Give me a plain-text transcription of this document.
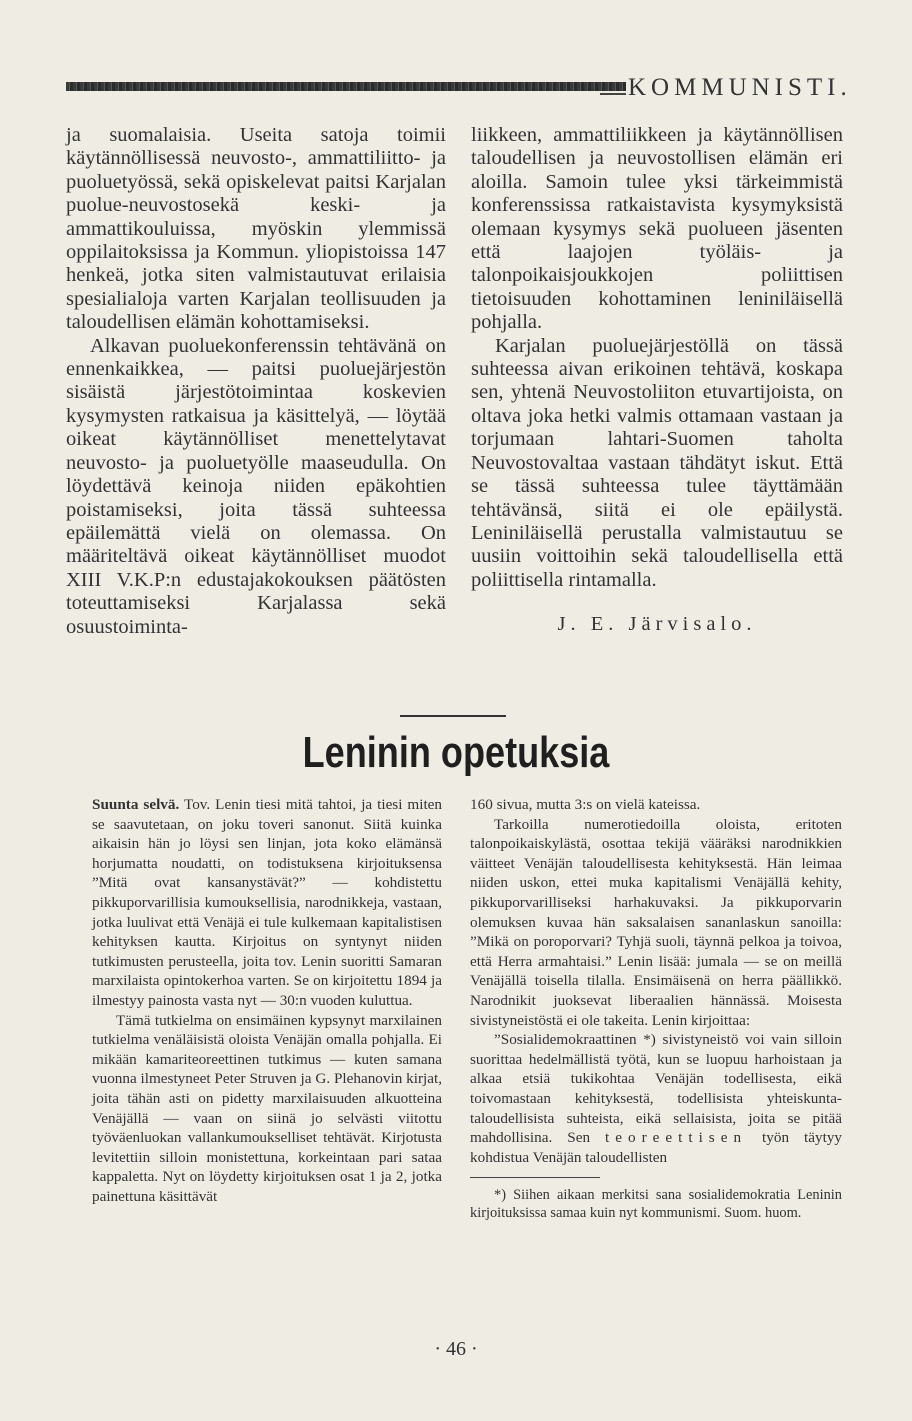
KOMMUNISTI.

ja suomalaisia. Useita satoja toimii käytännöllisessä neuvosto-, ammattiliitto- ja puoluetyössä, sekä opiskelevat paitsi Karjalan puolue-neuvostosekä keski- ja ammattikouluissa, myöskin ylemmissä oppilaitoksissa ja Kommun. yliopistoissa 147 henkeä, jotka siten valmistautuvat erilaisia spesialialoja varten Karjalan teollisuuden ja taloudellisen elämän kohottamiseksi.

Alkavan puoluekonferenssin tehtävänä on ennenkaikkea, — paitsi puoluejärjestön sisäistä järjestötoimintaa koskevien kysymysten ratkaisua ja käsittelyä, — löytää oikeat käytännölliset menettelytavat neuvosto- ja puoluetyölle maaseudulla. On löydettävä keinoja niiden epäkohtien poistamiseksi, joita tässä suhteessa epäilemättä vielä on olemassa. On määriteltävä oikeat käytännölliset muodot XIII V.K.P:n edustajakokouksen päätösten toteuttamiseksi Karjalassa sekä osuustoiminta-

liikkeen, ammattiliikkeen ja käytännöllisen taloudellisen ja neuvostollisen elämän eri aloilla. Samoin tulee yksi tärkeimmistä konferenssissa ratkaistavista kysymyksistä olemaan kysymys sekä puolueen jäsenten että laajojen työläis- ja talonpoikaisjoukkojen poliittisen tietoisuuden kohottaminen leniniläisellä pohjalla.

Karjalan puoluejärjestöllä on tässä suhteessa aivan erikoinen tehtävä, koskapa sen, yhtenä Neuvostoliiton etuvartijoista, on oltava joka hetki valmis ottamaan vastaan ja torjumaan lahtari-Suomen taholta Neuvostovaltaa vastaan tähdätyt iskut. Että se tässä suhteessa tulee täyttämään tehtävänsä, siitä ei ole epäilystä. Leniniläisellä perustalla valmistautuu se uusiin voittoihin sekä taloudellisella että poliittisella rintamalla.

J. E. Järvisalo.

Leninin opetuksia

Suunta selvä. Tov. Lenin tiesi mitä tahtoi, ja tiesi miten se saavutetaan, on joku toveri sanonut. Siitä kuinka aikaisin hän jo löysi sen linjan, jota koko elämänsä horjumatta noudatti, on todistuksena kirjoituksensa ”Mitä ovat kansanystävät?” — kohdistettu pikkuporvarillisia kumouksellisia, narodnikkeja, vastaan, jotka luulivat että Venäjä ei tule kulkemaan kapitalistisen kehityksen kautta. Kirjoitus on syntynyt niiden tutkimusten perusteella, joita tov. Lenin suoritti Samaran marxilaista opintokerhoa varten. Se on kirjoitettu 1894 ja ilmestyy painosta vasta nyt — 30:n vuoden kuluttua.

Tämä tutkielma on ensimäinen kypsynyt marxilainen tutkielma venäläisistä oloista Venäjän omalla pohjalla. Ei mikään kamariteoreettinen tutkimus — kuten samana vuonna ilmestyneet Peter Struven ja G. Plehanovin kirjat, joita tähän asti on pidetty marxilaisuuden alkuotteina Venäjällä — vaan on siinä jo selvästi viitottu työväenluokan vallankumoukselliset tehtävät. Kirjotusta levitettiin silloin monistettuna, korkeintaan pari sataa kappaletta. Nyt on löydetty kirjoituksen osat 1 ja 2, jotka painettuna käsittävät

160 sivua, mutta 3:s on vielä kateissa.

Tarkoilla numerotiedoilla oloista, eritoten talonpoikaiskylästä, osottaa tekijä vääräksi narodnikkien väitteet Venäjän taloudellisesta kehityksestä. Hän leimaa niiden uskon, ettei muka kapitalismi Venäjällä kehity, pikkuporvarilliseksi harhakuvaksi. Ja pikkuporvarin olemuksen kuvaa hän saksalaisen sananlaskun sanoilla: ”Mikä on poroporvari? Tyhjä suoli, täynnä pelkoa ja toivoa, että Herra armahtaisi.” Lenin lisää: jumala — se on meillä Venäjällä toisella tilalla. Ensimäisenä on herra päällikkö. Narodnikit juoksevat liberaalien hännässä. Moisesta sivistyneistöstä ei ole takeita. Lenin kirjoittaa:

”Sosialidemokraattinen *) sivistyneistö voi vain silloin suorittaa hedelmällistä työtä, kun se luopuu harhoistaan ja alkaa etsiä tukikohtaa Venäjän todellisesta, eikä toivomastaan kehityksestä, todellisista yhteiskunta-taloudellisista suhteista, eikä sellaisista, joita se pitää mahdollisina. Sen teoreettisen työn täytyy kohdistua Venäjän taloudellisten

*) Siihen aikaan merkitsi sana sosialidemokratia Leninin kirjoituksissa samaa kuin nyt kommunismi. Suom. huom.

· 46 ·
